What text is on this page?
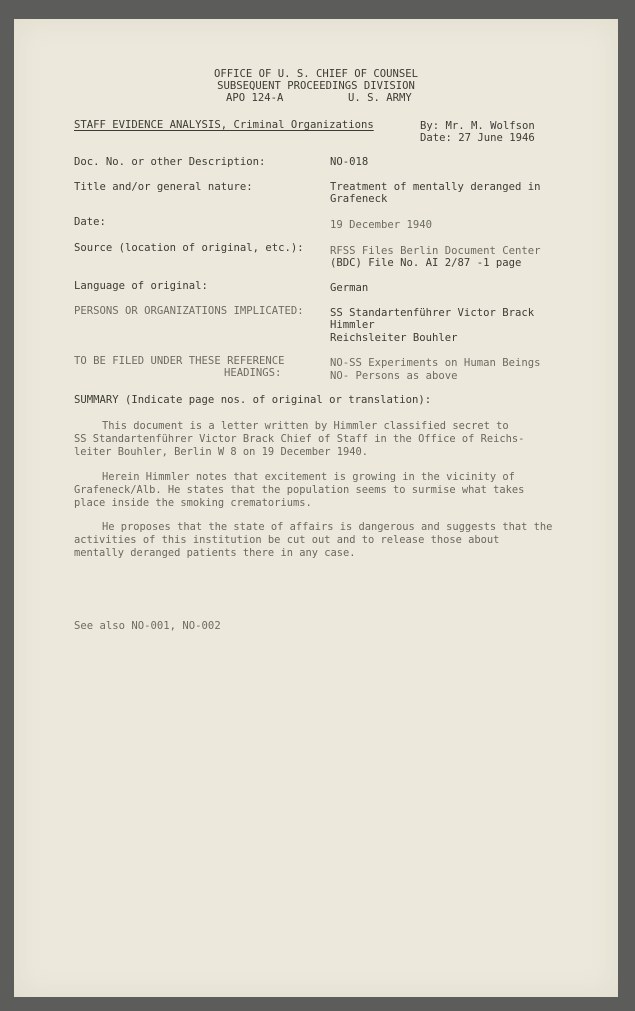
OFFICE OF U. S. CHIEF OF COUNSEL
SUBSEQUENT PROCEEDINGS DIVISION
APO 124-A	U. S. ARMY
STAFF EVIDENCE ANALYSIS, Criminal Organizations	By: Mr. M. Wolfson
Date: 27 June 1946
Doc. No. or other Description:	NO-018
Title and/or general nature:	Treatment of mentally deranged in
Grafeneck
Date:	19 December 1940
Source (location of original, etc.): RFSS Files Berlin Document Center
(BDC) File No. AI 2/87 -1 page
Language of original:	German
PERSONS OR ORGANIZATIONS IMPLICATED: SS Standartenführer Victor Brack
Himmler
Reichsleiter Bouhler
TO BE FILED UNDER THESE REFERENCE
HEADINGS:
NO-SS Experiments on Human Beings
NO- Persons as above
SUMMARY (Indicate page nos. of original or translation):
This document is a letter written by Himmler classified secret to
SS Standartenführer Victor Brack Chief of Staff in the Office of Reichs-
leiter Bouhler, Berlin W 8 on 19 December 1940.
Herein Himmler notes that excitement is growing in the vicinity of
Grafeneck/Alb. He states that the population seems to surmise what takes
place inside the smoking crematoriums.
He proposes that the state of affairs is dangerous and suggests that the
activities of this institution be cut out and to release those about
mentally deranged patients there in any case.
See also NO-001, NO-002
